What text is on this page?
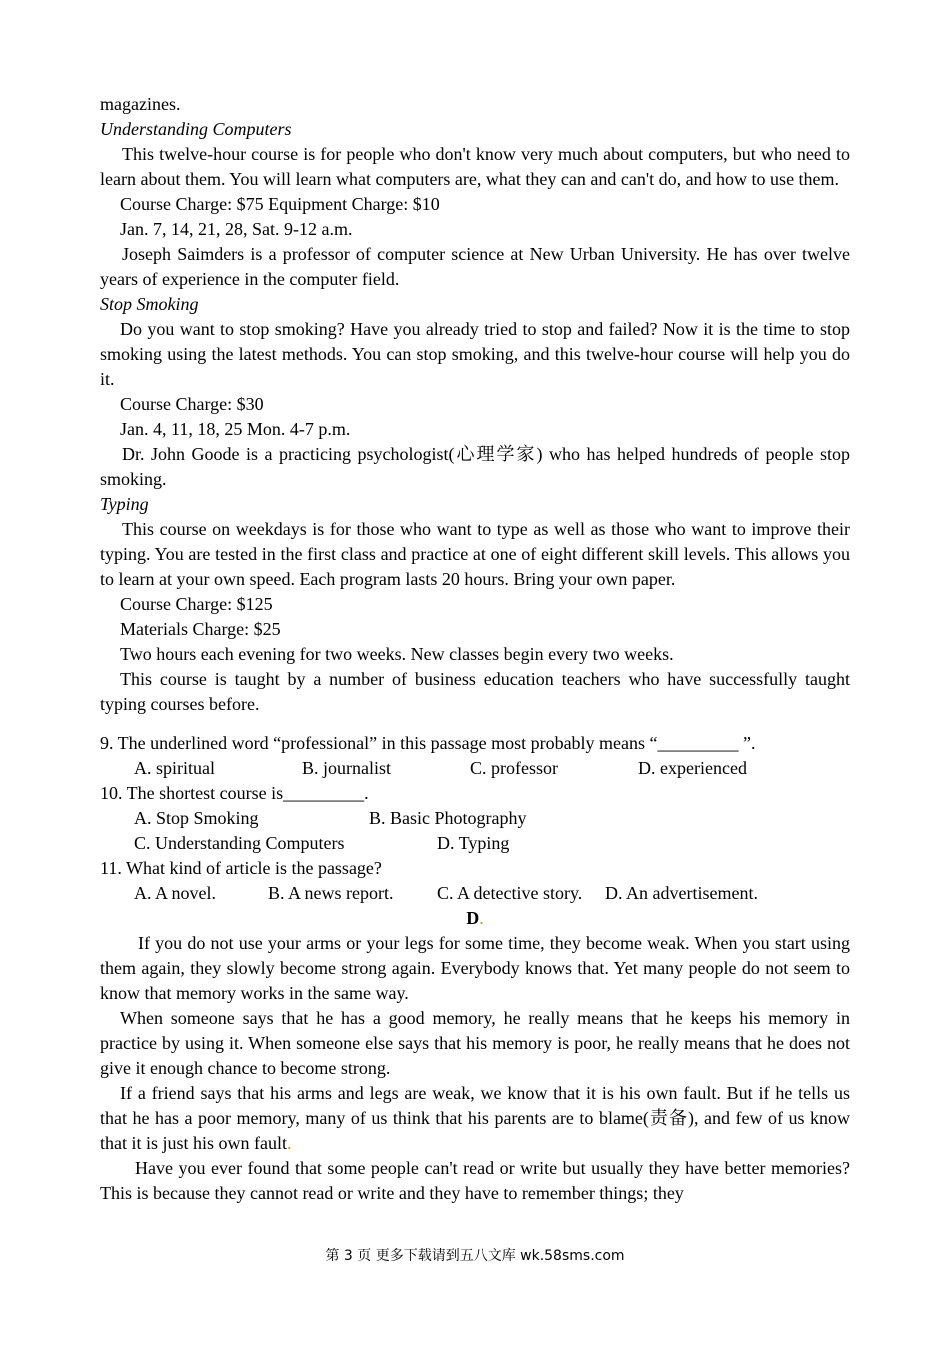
magazines.
Understanding Computers
This twelve-hour course is for people who don't know very much about computers, but who need to learn about them. You will learn what computers are, what they can and can't do, and how to use them.
Course Charge: $75 Equipment Charge: $10
Jan. 7, 14, 21, 28, Sat. 9-12 a.m.
Joseph Saimders is a professor of computer science at New Urban University. He has over twelve years of experience in the computer field.
Stop Smoking
Do you want to stop smoking? Have you already tried to stop and failed? Now it is the time to stop smoking using the latest methods. You can stop smoking, and this twelve-hour course will help you do it.
Course Charge: $30
Jan. 4, 11, 18, 25 Mon. 4-7 p.m.
Dr. John Goode is a practicing psychologist(心理学家) who has helped hundreds of people stop smoking.
Typing
This course on weekdays is for those who want to type as well as those who want to improve their typing. You are tested in the first class and practice at one of eight different skill levels. This allows you to learn at your own speed. Each program lasts 20 hours. Bring your own paper.
Course Charge: $125
Materials Charge: $25
Two hours each evening for two weeks. New classes begin every two weeks.
This course is taught by a number of business education teachers who have successfully taught typing courses before.
9. The underlined word “professional” in this passage most probably means “_________ ”.
A. spiritual	B. journalist	C. professor	D. experienced
10. The shortest course is_________.
A. Stop Smoking	B. Basic Photography
C. Understanding Computers	D. Typing
11. What kind of article is the passage?
A. A novel.	B. A news report. C. A detective story. D. An advertisement.
D.
If you do not use your arms or your legs for some time, they become weak. When you start using them again, they slowly become strong again. Everybody knows that. Yet many people do not seem to know that memory works in the same way.
When someone says that he has a good memory, he really means that he keeps his memory in practice by using it. When someone else says that his memory is poor, he really means that he does not give it enough chance to become strong.
If a friend says that his arms and legs are weak, we know that it is his own fault. But if he tells us that he has a poor memory, many of us think that his parents are to blame(责备), and few of us know that it is just his own fault.
Have you ever found that some people can't read or write but usually they have better memories? This is because they cannot read or write and they have to remember things; they
第 3 页 更多下载请到五八文库 wk.58sms.com
